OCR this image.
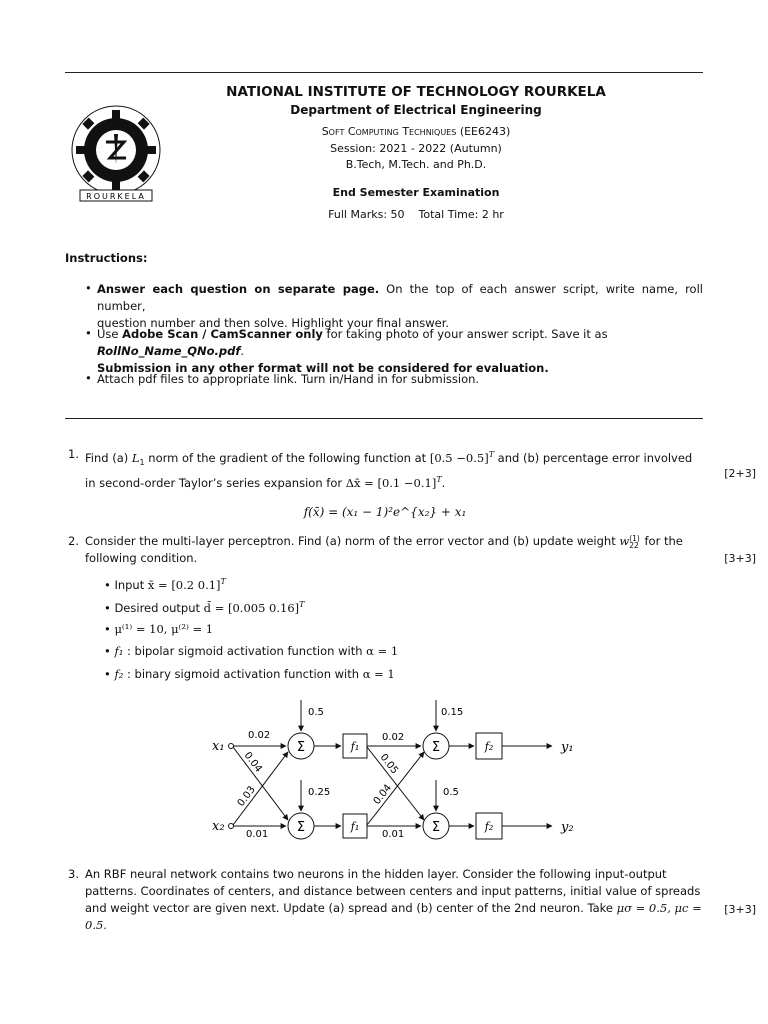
ROURKELA
NATIONAL INSTITUTE OF TECHNOLOGY ROURKELA
Department of Electrical Engineering
Soft Computing Techniques (EE6243)
Session: 2021 - 2022 (Autumn)
B.Tech, M.Tech. and Ph.D.
End Semester Examination
Full Marks: 50 Total Time: 2 hr
Instructions:
• Answer each question on separate page. On the top of each answer script, write name, roll number,
question number and then solve. Highlight your final answer.
• Use Adobe Scan / CamScanner only for taking photo of your answer script. Save it as RollNo_Name_QNo.pdf.
Submission in any other format will not be considered for evaluation.
• Attach pdf files to appropriate link. Turn in/Hand in for submission.
1. Find (a) $L_1$ norm of the gradient of the following function at $[0.5 -0.5]^T$ and (b) percentage error involved
in second-order Taylor’s series expansion for Δx̄ = $[0.1 -0.1]^T$.
[2+3]
f(x̄) = (x₁ − 1)²e^{x₂} + x₁
2. Consider the multi-layer perceptron. Find (a) norm of the error vector and (b) update weight w(1)
22 for the
following condition.	[3+3]
• Input x̄ = [0.2 0.1]$^T$
• Desired output d̄ = [0.005 0.16]$^T$
• μ⁽¹⁾ = 10, μ⁽²⁾ = 1
• f₁ : bipolar sigmoid activation function with α = 1
• f₂ : binary sigmoid activation function with α = 1
x₁
x₂
0.02
0.04
0.03
0.01
Σ
Σ
0.5
0.25
f₁
f₁
0.02
0.05
0.04
0.01
Σ
Σ
0.15
0.5
f₂
f₂
y₁
y₂
3. An RBF neural network contains two neurons in the hidden layer. Consider the following input-output
patterns. Coordinates of centers, and distance between centers and input patterns, initial value of spreads
and weight vector are given next. Update (a) spread and (b) center of the 2nd neuron. Take μσ = 0.5, μc = 0.5.
[3+3]
